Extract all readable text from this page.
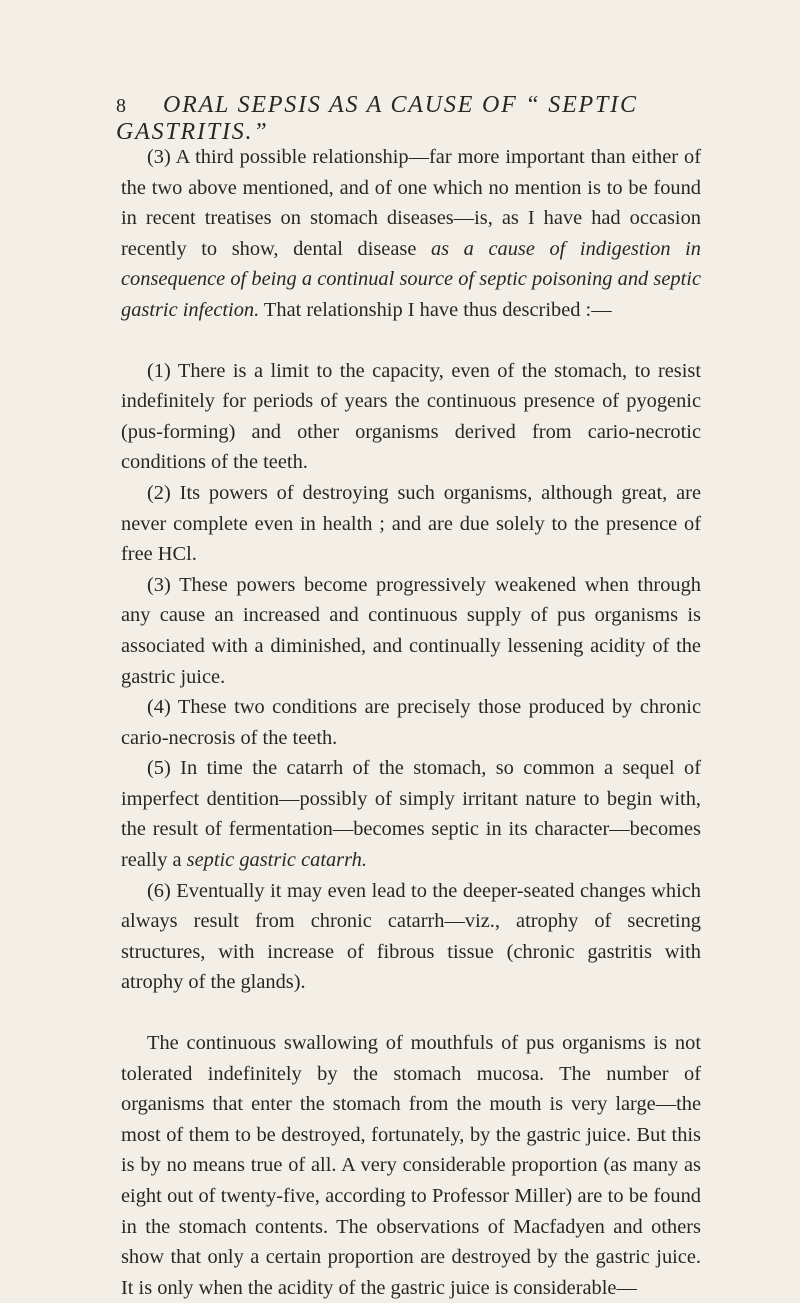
8 ORAL SEPSIS AS A CAUSE OF “ SEPTIC GASTRITIS.”

(3) A third possible relationship—far more important than either of the two above mentioned, and of one which no mention is to be found in recent treatises on stomach diseases—is, as I have had occasion recently to show, dental disease as a cause of indigestion in consequence of being a continual source of septic poisoning and septic gastric infection. That relationship I have thus described :—

(1) There is a limit to the capacity, even of the stomach, to resist indefinitely for periods of years the continuous presence of pyogenic (pus-forming) and other organisms derived from cario-necrotic conditions of the teeth.

(2) Its powers of destroying such organisms, although great, are never complete even in health ; and are due solely to the presence of free HCl.

(3) These powers become progressively weakened when through any cause an increased and continuous supply of pus organisms is associated with a diminished, and continually lessening acidity of the gastric juice.

(4) These two conditions are precisely those produced by chronic cario-necrosis of the teeth.

(5) In time the catarrh of the stomach, so common a sequel of imperfect dentition—possibly of simply irritant nature to begin with, the result of fermentation—becomes septic in its character—becomes really a septic gastric catarrh.

(6) Eventually it may even lead to the deeper-seated changes which always result from chronic catarrh—viz., atrophy of secreting structures, with increase of fibrous tissue (chronic gastritis with atrophy of the glands).

The continuous swallowing of mouthfuls of pus organisms is not tolerated indefinitely by the stomach mucosa. The number of organisms that enter the stomach from the mouth is very large—the most of them to be destroyed, fortunately, by the gastric juice. But this is by no means true of all. A very considerable proportion (as many as eight out of twenty-five, according to Professor Miller) are to be found in the stomach contents. The observations of Macfadyen and others show that only a certain proportion are destroyed by the gastric juice. It is only when the acidity of the gastric juice is considerable—
